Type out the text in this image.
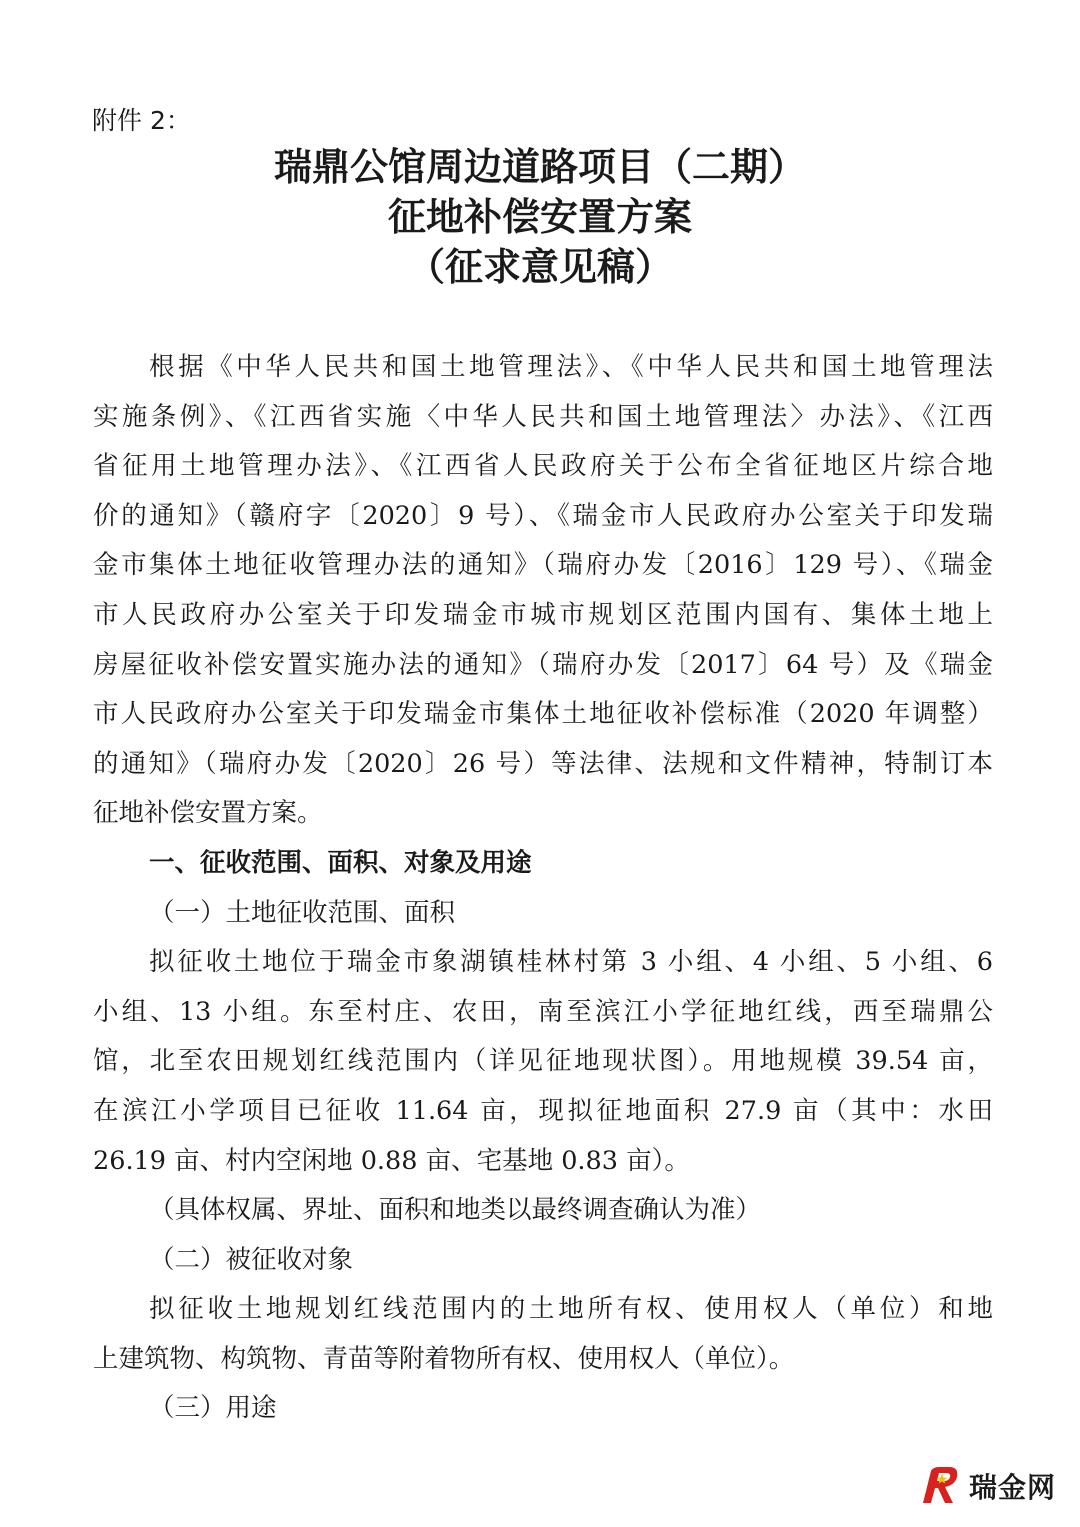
附件 2：
瑞鼎公馆周边道路项目（二期）
征地补偿安置方案
（征求意见稿）
根据《中华人民共和国土地管理法》、《中华人民共和国土地管理法
实施条例》、《江西省实施〈中华人民共和国土地管理法〉办法》、《江西
省征用土地管理办法》、《江西省人民政府关于公布全省征地区片综合地
价的通知》（赣府字〔2020〕9 号）、《瑞金市人民政府办公室关于印发瑞
金市集体土地征收管理办法的通知》（瑞府办发〔2016〕129 号）、《瑞金
市人民政府办公室关于印发瑞金市城市规划区范围内国有、集体土地上
房屋征收补偿安置实施办法的通知》（瑞府办发〔2017〕64 号）及《瑞金
市人民政府办公室关于印发瑞金市集体土地征收补偿标准（2020 年调整）
的通知》（瑞府办发〔2020〕26 号）等法律、法规和文件精神，特制订本
征地补偿安置方案。
一、征收范围、面积、对象及用途
（一）土地征收范围、面积
拟征收土地位于瑞金市象湖镇桂林村第 3 小组、4 小组、5 小组、6
小组、13 小组。东至村庄、农田，南至滨江小学征地红线，西至瑞鼎公
馆，北至农田规划红线范围内（详见征地现状图）。用地规模 39.54 亩，
在滨江小学项目已征收 11.64 亩，现拟征地面积 27.9 亩（其中：水田
26.19 亩、村内空闲地 0.88 亩、宅基地 0.83 亩）。
（具体权属、界址、面积和地类以最终调查确认为准）
（二）被征收对象
拟征收土地规划红线范围内的土地所有权、使用权人（单位）和地
上建筑物、构筑物、青苗等附着物所有权、使用权人（单位）。
（三）用途
瑞金网
